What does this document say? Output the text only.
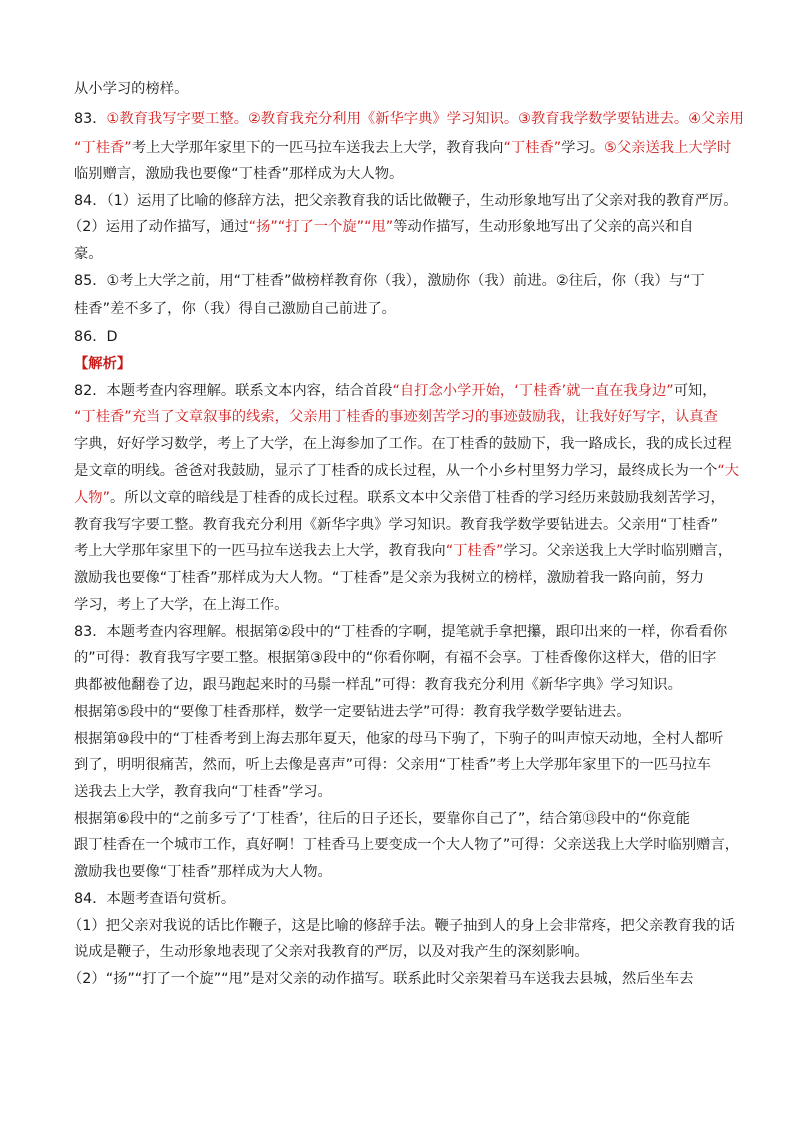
从小学习的榜样。
83．①教育我写字要工整。②教育我充分利用《新华字典》学习知识。③教育我学数学要钻进去。④父亲用
“丁桂香”考上大学那年家里下的一匹马拉车送我去上大学，教育我向“丁桂香”学习。⑤父亲送我上大学时
临别赠言，激励我也要像“丁桂香”那样成为大人物。
84．（1）运用了比喻的修辞方法，把父亲教育我的话比做鞭子，生动形象地写出了父亲对我的教育严厉。
（2）运用了动作描写，通过“扬”“打了一个旋”“甩”等动作描写，生动形象地写出了父亲的高兴和自
豪。
85．①考上大学之前，用“丁桂香”做榜样教育你（我），激励你（我）前进。②往后，你（我）与“丁
桂香”差不多了，你（我）得自己激励自己前进了。
86．D
【解析】
82．本题考查内容理解。联系文本内容，结合首段“自打念小学开始，‘丁桂香’就一直在我身边”可知，
“丁桂香”充当了文章叙事的线索，父亲用丁桂香的事迹刻苦学习的事迹鼓励我，让我好好写字，认真查
字典，好好学习数学，考上了大学，在上海参加了工作。在丁桂香的鼓励下，我一路成长，我的成长过程
是文章的明线。爸爸对我鼓励，显示了丁桂香的成长过程，从一个小乡村里努力学习，最终成长为一个“大
人物”。所以文章的暗线是丁桂香的成长过程。联系文本中父亲借丁桂香的学习经历来鼓励我刻苦学习，
教育我写字要工整。教育我充分利用《新华字典》学习知识。教育我学数学要钻进去。父亲用“丁桂香”
考上大学那年家里下的一匹马拉车送我去上大学，教育我向“丁桂香”学习。父亲送我上大学时临别赠言，
激励我也要像“丁桂香”那样成为大人物。“丁桂香”是父亲为我树立的榜样，激励着我一路向前，努力
学习，考上了大学，在上海工作。
83．本题考查内容理解。根据第②段中的“丁桂香的字啊，提笔就手拿把攥，跟印出来的一样，你看看你
的”可得：教育我写字要工整。根据第③段中的“你看你啊，有福不会享。丁桂香像你这样大，借的旧字
典都被他翻卷了边，跟马跑起来时的马鬃一样乱”可得：教育我充分利用《新华字典》学习知识。
根据第⑤段中的“要像丁桂香那样，数学一定要钻进去学”可得：教育我学数学要钻进去。
根据第⑩段中的“丁桂香考到上海去那年夏天，他家的母马下驹了，下驹子的叫声惊天动地，全村人都听
到了，明明很痛苦，然而，听上去像是喜声”可得：父亲用“丁桂香”考上大学那年家里下的一匹马拉车
送我去上大学，教育我向“丁桂香”学习。
根据第⑥段中的“之前多亏了‘丁桂香’，往后的日子还长，要靠你自己了”，结合第⑬段中的“你竟能
跟丁桂香在一个城市工作，真好啊！丁桂香马上要变成一个大人物了”可得：父亲送我上大学时临别赠言，
激励我也要像“丁桂香”那样成为大人物。
84．本题考查语句赏析。
（1）把父亲对我说的话比作鞭子，这是比喻的修辞手法。鞭子抽到人的身上会非常疼，把父亲教育我的话
说成是鞭子，生动形象地表现了父亲对我教育的严厉，以及对我产生的深刻影响。
（2）“扬”“打了一个旋”“甩”是对父亲的动作描写。联系此时父亲架着马车送我去县城，然后坐车去
